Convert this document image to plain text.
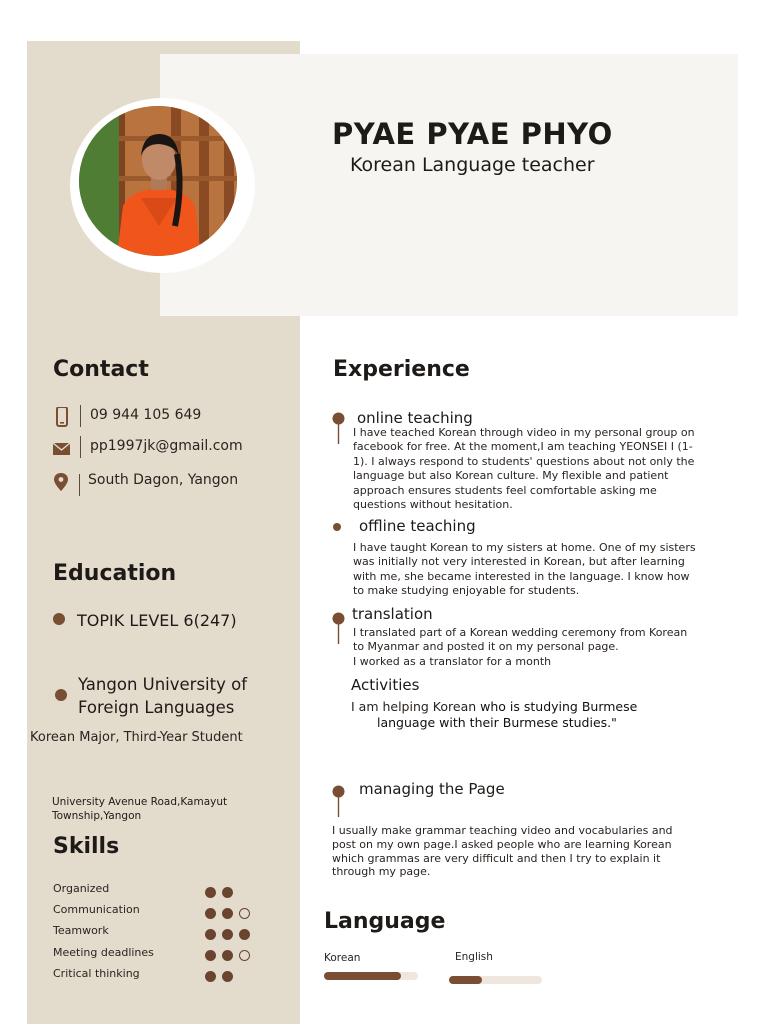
PYAE PYAE PHYO
Korean Language teacher
Contact
09 944 105 649
pp1997jk@gmail.com
South Dagon, Yangon
Education
TOPIK LEVEL 6(247)
Yangon University of
Foreign Languages
Korean Major, Third-Year Student
University Avenue Road,Kamayut
Township,Yangon
Skills
Organized
Communication
Teamwork
Meeting deadlines
Critical thinking
Experience
online teaching
I have teached Korean through video in my personal group on
facebook for free. At the moment,I am teaching YEONSEI I (1-
1). I always respond to students' questions about not only the
language but also Korean culture. My flexible and patient
approach ensures students feel comfortable asking me
questions without hesitation.
offline teaching
I have taught Korean to my sisters at home. One of my sisters
was initially not very interested in Korean, but after learning
with me, she became interested in the language. I know how
to make studying enjoyable for students.
translation
I translated part of a Korean wedding ceremony from Korean
to Myanmar and posted it on my personal page.
I worked as a translator for a month
Activities
I am helping Korean who is studying Burmese
language with their Burmese studies."
managing the Page
I usually make grammar teaching video and vocabularies and
post on my own page.I asked people who are learning Korean
which grammas are very difficult and then I try to explain it
through my page.
Language
Korean	English
